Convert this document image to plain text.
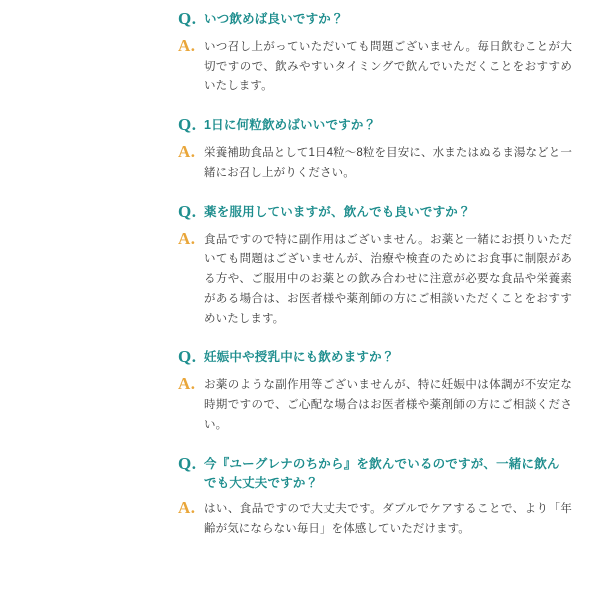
Q. いつ飲めば良いですか？
A. いつ召し上がっていただいても問題ございません。毎日飲むことが大切ですので、飲みやすいタイミングで飲んでいただくことをおすすめいたします。
Q. 1日に何粒飲めばいいですか？
A. 栄養補助食品として1日4粒〜8粒を目安に、水またはぬるま湯などと一緒にお召し上がりください。
Q. 薬を服用していますが、飲んでも良いですか？
A. 食品ですので特に副作用はございません。お薬と一緒にお摂りいただいても問題はございませんが、治療や検査のためにお食事に制限がある方や、ご服用中のお薬との飲み合わせに注意が必要な食品や栄養素がある場合は、お医者様や薬剤師の方にご相談いただくことをおすすめいたします。
Q. 妊娠中や授乳中にも飲めますか？
A. お薬のような副作用等ございませんが、特に妊娠中は体調が不安定な時期ですので、ご心配な場合はお医者様や薬剤師の方にご相談ください。
Q. 今『ユーグレナのちから』を飲んでいるのですが、一緒に飲んでも大丈夫ですか？
A. はい、食品ですので大丈夫です。ダブルでケアすることで、より「年齢が気にならない毎日」を体感していただけます。
